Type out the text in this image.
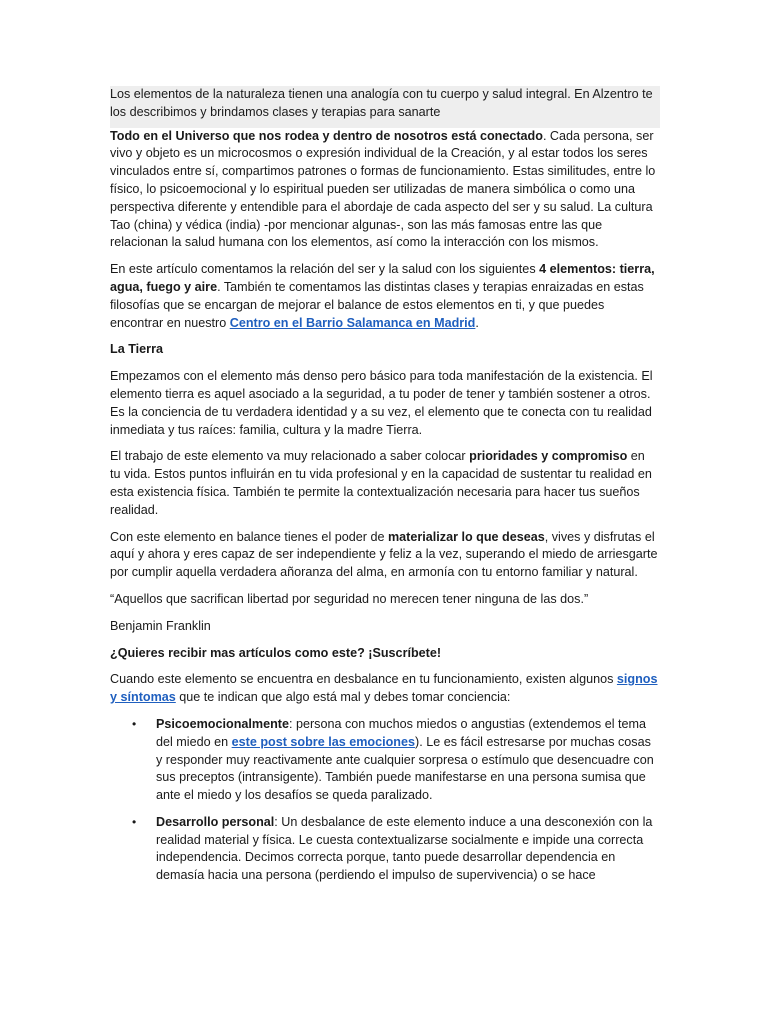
Los elementos de la naturaleza tienen una analogía con tu cuerpo y salud integral. En Alzentro te los describimos y brindamos clases y terapias para sanarte

Todo en el Universo que nos rodea y dentro de nosotros está conectado. Cada persona, ser vivo y objeto es un microcosmos o expresión individual de la Creación, y al estar todos los seres vinculados entre sí, compartimos patrones o formas de funcionamiento. Estas similitudes, entre lo físico, lo psicoemocional y lo espiritual pueden ser utilizadas de manera simbólica o como una perspectiva diferente y entendible para el abordaje de cada aspecto del ser y su salud. La cultura Tao (china) y védica (india) -por mencionar algunas-, son las más famosas entre las que relacionan la salud humana con los elementos, así como la interacción con los mismos.

En este artículo comentamos la relación del ser y la salud con los siguientes 4 elementos: tierra, agua, fuego y aire. También te comentamos las distintas clases y terapias enraizadas en estas filosofías que se encargan de mejorar el balance de estos elementos en ti, y que puedes encontrar en nuestro Centro en el Barrio Salamanca en Madrid.

La Tierra

Empezamos con el elemento más denso pero básico para toda manifestación de la existencia. El elemento tierra es aquel asociado a la seguridad, a tu poder de tener y también sostener a otros. Es la conciencia de tu verdadera identidad y a su vez, el elemento que te conecta con tu realidad inmediata y tus raíces: familia, cultura y la madre Tierra.

El trabajo de este elemento va muy relacionado a saber colocar prioridades y compromiso en tu vida. Estos puntos influirán en tu vida profesional y en la capacidad de sustentar tu realidad en esta existencia física. También te permite la contextualización necesaria para hacer tus sueños realidad.

Con este elemento en balance tienes el poder de materializar lo que deseas, vives y disfrutas el aquí y ahora y eres capaz de ser independiente y feliz a la vez, superando el miedo de arriesgarte por cumplir aquella verdadera añoranza del alma, en armonía con tu entorno familiar y natural.

“Aquellos que sacrifican libertad por seguridad no merecen tener ninguna de las dos.”

Benjamin Franklin

¿Quieres recibir mas artículos como este? ¡Suscríbete!

Cuando este elemento se encuentra en desbalance en tu funcionamiento, existen algunos signos y síntomas que te indican que algo está mal y debes tomar conciencia:

• Psicoemocionalmente: persona con muchos miedos o angustias (extendemos el tema del miedo en este post sobre las emociones). Le es fácil estresarse por muchas cosas y responder muy reactivamente ante cualquier sorpresa o estímulo que desencuadre con sus preceptos (intransigente). También puede manifestarse en una persona sumisa que ante el miedo y los desafíos se queda paralizado.
• Desarrollo personal: Un desbalance de este elemento induce a una desconexión con la realidad material y física. Le cuesta contextualizarse socialmente e impide una correcta independencia. Decimos correcta porque, tanto puede desarrollar dependencia en demasía hacia una persona (perdiendo el impulso de supervivencia) o se hace
